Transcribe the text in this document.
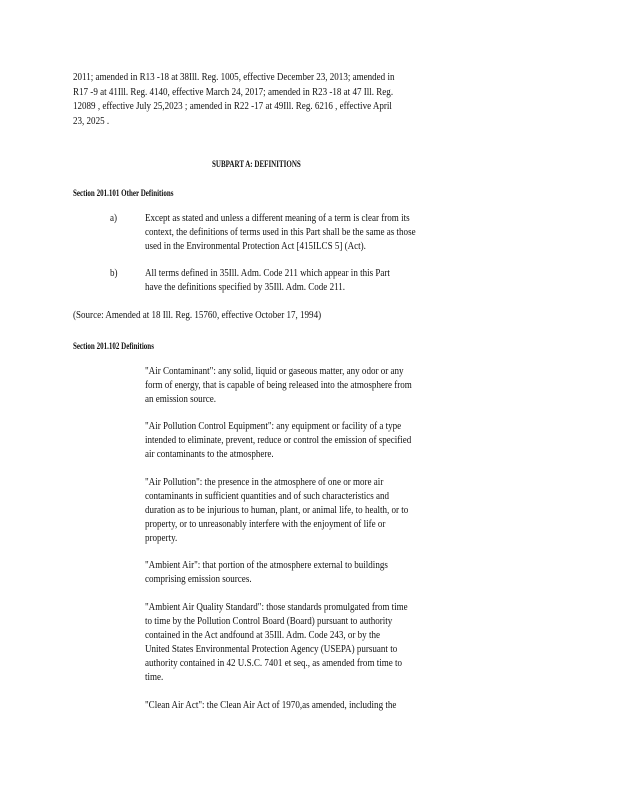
2011; amended in R13 -18 at 38Ill. Reg. 1005, effective December 23, 2013; amended in
R17 -9 at 41Ill. Reg. 4140, effective March 24, 2017; amended in R23 -18 at 47 Ill. Reg.
12089 , effective July 25,2023 ; amended in R22 -17 at 49Ill. Reg. 6216 , effective April
23, 2025 .
SUBPART A: DEFINITIONS
Section 201.101 Other Definitions
a)	Except as stated and unless a different meaning of a term is clear from its
context, the definitions of terms used in this Part shall be the same as those
used in the Environmental Protection Act [415ILCS 5] (Act).
b)	All terms defined in 35Ill. Adm. Code 211 which appear in this Part
have the definitions specified by 35Ill. Adm. Code 211.
(Source: Amended at 18 Ill. Reg. 15760, effective October 17, 1994)
Section 201.102 Definitions
"Air Contaminant": any solid, liquid or gaseous matter, any odor or any
form of energy, that is capable of being released into the atmosphere from
an emission source.
"Air Pollution Control Equipment": any equipment or facility of a type
intended to eliminate, prevent, reduce or control the emission of specified
air contaminants to the atmosphere.
"Air Pollution": the presence in the atmosphere of one or more air
contaminants in sufficient quantities and of such characteristics and
duration as to be injurious to human, plant, or animal life, to health, or to
property, or to unreasonably interfere with the enjoyment of life or
property.
"Ambient Air": that portion of the atmosphere external to buildings
comprising emission sources.
"Ambient Air Quality Standard": those standards promulgated from time
to time by the Pollution Control Board (Board) pursuant to authority
contained in the Act andfound at 35Ill. Adm. Code 243, or by the
United States Environmental Protection Agency (USEPA) pursuant to
authority contained in 42 U.S.C. 7401 et seq., as amended from time to
time.
"Clean Air Act": the Clean Air Act of 1970,as amended, including the
